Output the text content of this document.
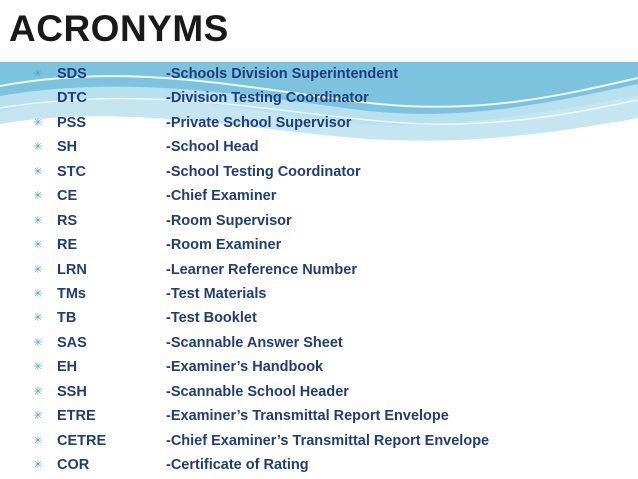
ACRONYMS
✳ SDS	-Schools Division Superintendent
DTC	-Division Testing Coordinator
✳ PSS	-Private School Supervisor
✳ SH	-School Head
✳ STC	-School Testing Coordinator
✳ CE	-Chief Examiner
✳ RS	-Room Supervisor
✳ RE	-Room Examiner
✳ LRN	-Learner Reference Number
✳ TMs	-Test Materials
✳ TB	-Test Booklet
✳ SAS	-Scannable Answer Sheet
✳ EH	-Examiner’s Handbook
✳ SSH	-Scannable School Header
✳ ETRE	-Examiner’s Transmittal Report Envelope
✳ CETRE	-Chief Examiner’s Transmittal Report Envelope
✳ COR	-Certificate of Rating
